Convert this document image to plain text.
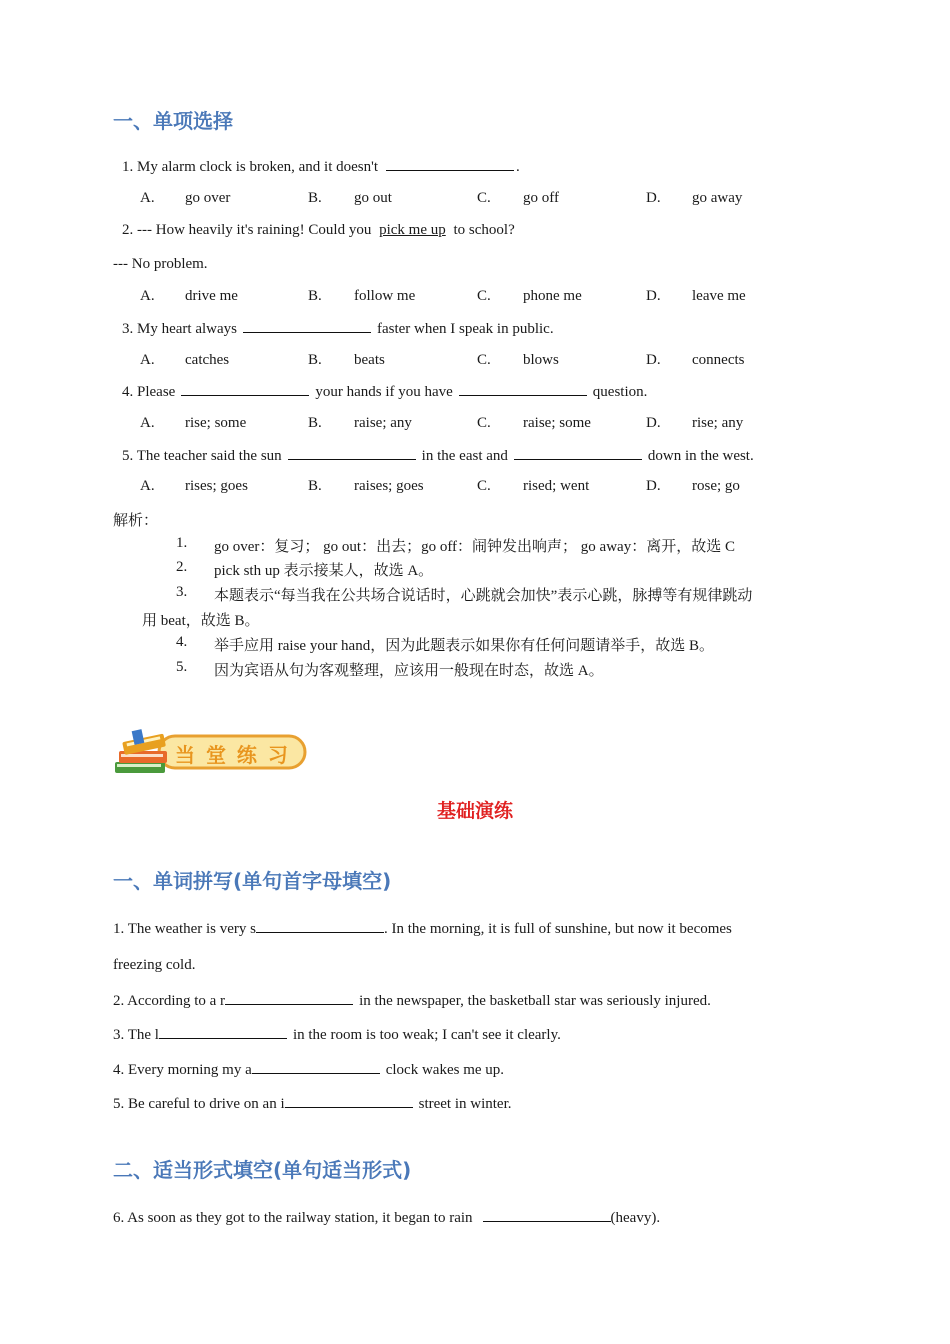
一、单项选择
1. My alarm clock is broken, and it doesn't	.
A. go over	B. go out	C. go off	D. go away
2. --- How heavily it's raining! Could you pick me up to school?
--- No problem.
A. drive me	B. follow me	C. phone me	D. leave me
3. My heart always	faster when I speak in public.
A. catches	B. beats	C. blows	D. connects
4. Please	your hands if you have	question.
A. rise; some	B. raise; any	C. raise; some	D. rise; any
5. The teacher said the sun	in the east and	down in the west.
A. rises; goes	B. raises; goes	C. rised; went	D. rose; go
解析：
1. go over：复习； go out：出去；go off：闹钟发出响声； go away：离开，故选 C
2. pick sth up 表示接某人，故选 A。
3. 本题表示“每当我在公共场合说话时，心跳就会加快”表示心跳，脉搏等有规律跳动
用 beat，故选 B。
4. 举手应用 raise your hand，因为此题表示如果你有任何问题请举手，故选 B。
5. 因为宾语从句为客观整理，应该用一般现在时态，故选 A。
当 堂 练 习
基础演练
一、单词拼写(单句首字母填空)
1. The weather is very s	. In the morning, it is full of sunshine, but now it becomes
freezing cold.
2. According to a r	in the newspaper, the basketball star was seriously injured.
3. The l	in the room is too weak; I can't see it clearly.
4. Every morning my a	clock wakes me up.
5. Be careful to drive on an i	street in winter.
二、适当形式填空(单句适当形式)
6. As soon as they got to the railway station, it began to rain	(heavy).
